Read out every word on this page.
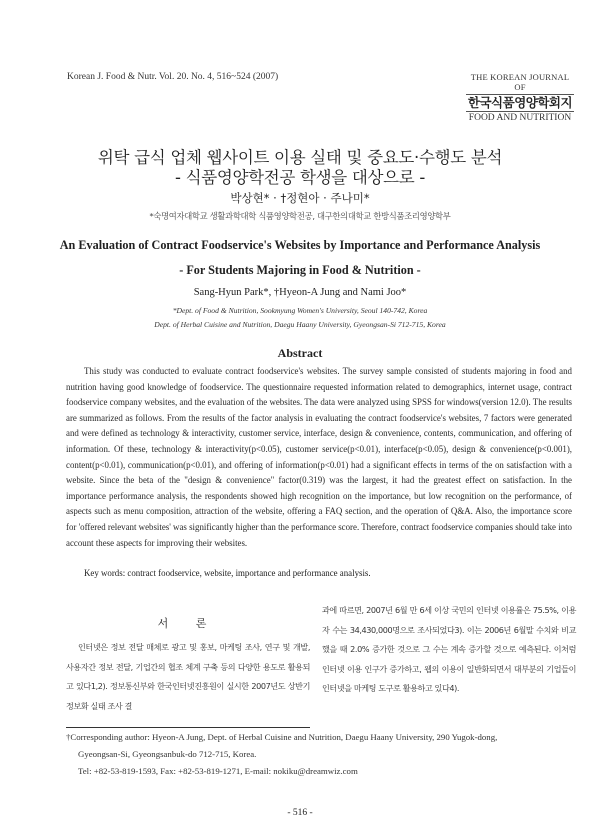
Korean J. Food & Nutr. Vol. 20. No. 4, 516~524 (2007)	THE KOREAN JOURNAL OF
한국식품영양학회지
FOOD AND NUTRITION
위탁 급식 업체 웹사이트 이용 실태 및 중요도·수행도 분석
- 식품영양학전공 학생을 대상으로 -
박상현* · †정현아 · 주나미*
*숙명여자대학교 생활과학대학 식품영양학전공, 대구한의대학교 한방식품조리영양학부
An Evaluation of Contract Foodservice's Websites by Importance and Performance Analysis
- For Students Majoring in Food & Nutrition -
Sang-Hyun Park*, †Hyeon-A Jung and Nami Joo*
*Dept. of Food & Nutrition, Sookmyung Women's University, Seoul 140-742, Korea
Dept. of Herbal Cuisine and Nutrition, Daegu Haany University, Gyeongsan-Si 712-715, Korea
Abstract

This study was conducted to evaluate contract foodservice's websites. The survey sample consisted of students majoring in food and nutrition having good knowledge of foodservice. The questionnaire requested information related to demographics, internet usage, contract foodservice company websites, and the evaluation of the websites. The data were analyzed using SPSS for windows(version 12.0). The results are summarized as follows. From the results of the factor analysis in evaluating the contract foodservice's websites, 7 factors were generated and were defined as technology & interactivity, customer service, interface, design & convenience, contents, communication, and offering of information. Of these, technology & interactivity(p<0.05), customer service(p<0.01), interface(p<0.05), design & convenience(p<0.001), content(p<0.01), communication(p<0.01), and offering of information(p<0.01) had a significant effects in terms of the on satisfaction with a website. Since the beta of the "design & convenience" factor(0.319) was the largest, it had the greatest effect on satisfaction. In the importance performance analysis, the respondents showed high recognition on the importance, but low recognition on the performance, of aspects such as menu composition, attraction of the website, offering a FAQ section, and the operation of Q&A. Also, the importance score for 'offered relevant websites' was significantly higher than the performance score. Therefore, contract foodservice companies should take into account these aspects for improving their websites.

Key words: contract foodservice, website, importance and performance analysis.
서 론
인터넷은 정보 전달 매체로 광고 및 홍보, 마케팅 조사, 연구 및 개발, 사용자간 정보 전달, 기업간의 협조 체계 구축 등의 다양한 용도로 활용되고 있다1,2). 정보통신부와 한국인터넷진흥원이 실시한 2007년도 상반기 정보화 실태 조사 결
과에 따르면, 2007년 6월 만 6세 이상 국민의 인터넷 이용률은 75.5%, 이용자 수는 34,430,000명으로 조사되었다3). 이는 2006년 6월말 수치와 비교했을 때 2.0% 증가한 것으로 그 수는 계속 증가할 것으로 예측된다. 이처럼 인터넷 이용 인구가 증가하고, 웹의 이용이 일반화되면서 대부분의 기업들이 인터넷을 마케팅 도구로 활용하고 있다4).
†Corresponding author: Hyeon-A Jung, Dept. of Herbal Cuisine and Nutrition, Daegu Haany University, 290 Yugok-dong,
Gyeongsan-Si, Gyeongsanbuk-do 712-715, Korea.
Tel: +82-53-819-1593, Fax: +82-53-819-1271, E-mail: nokiku@dreamwiz.com
- 516 -
